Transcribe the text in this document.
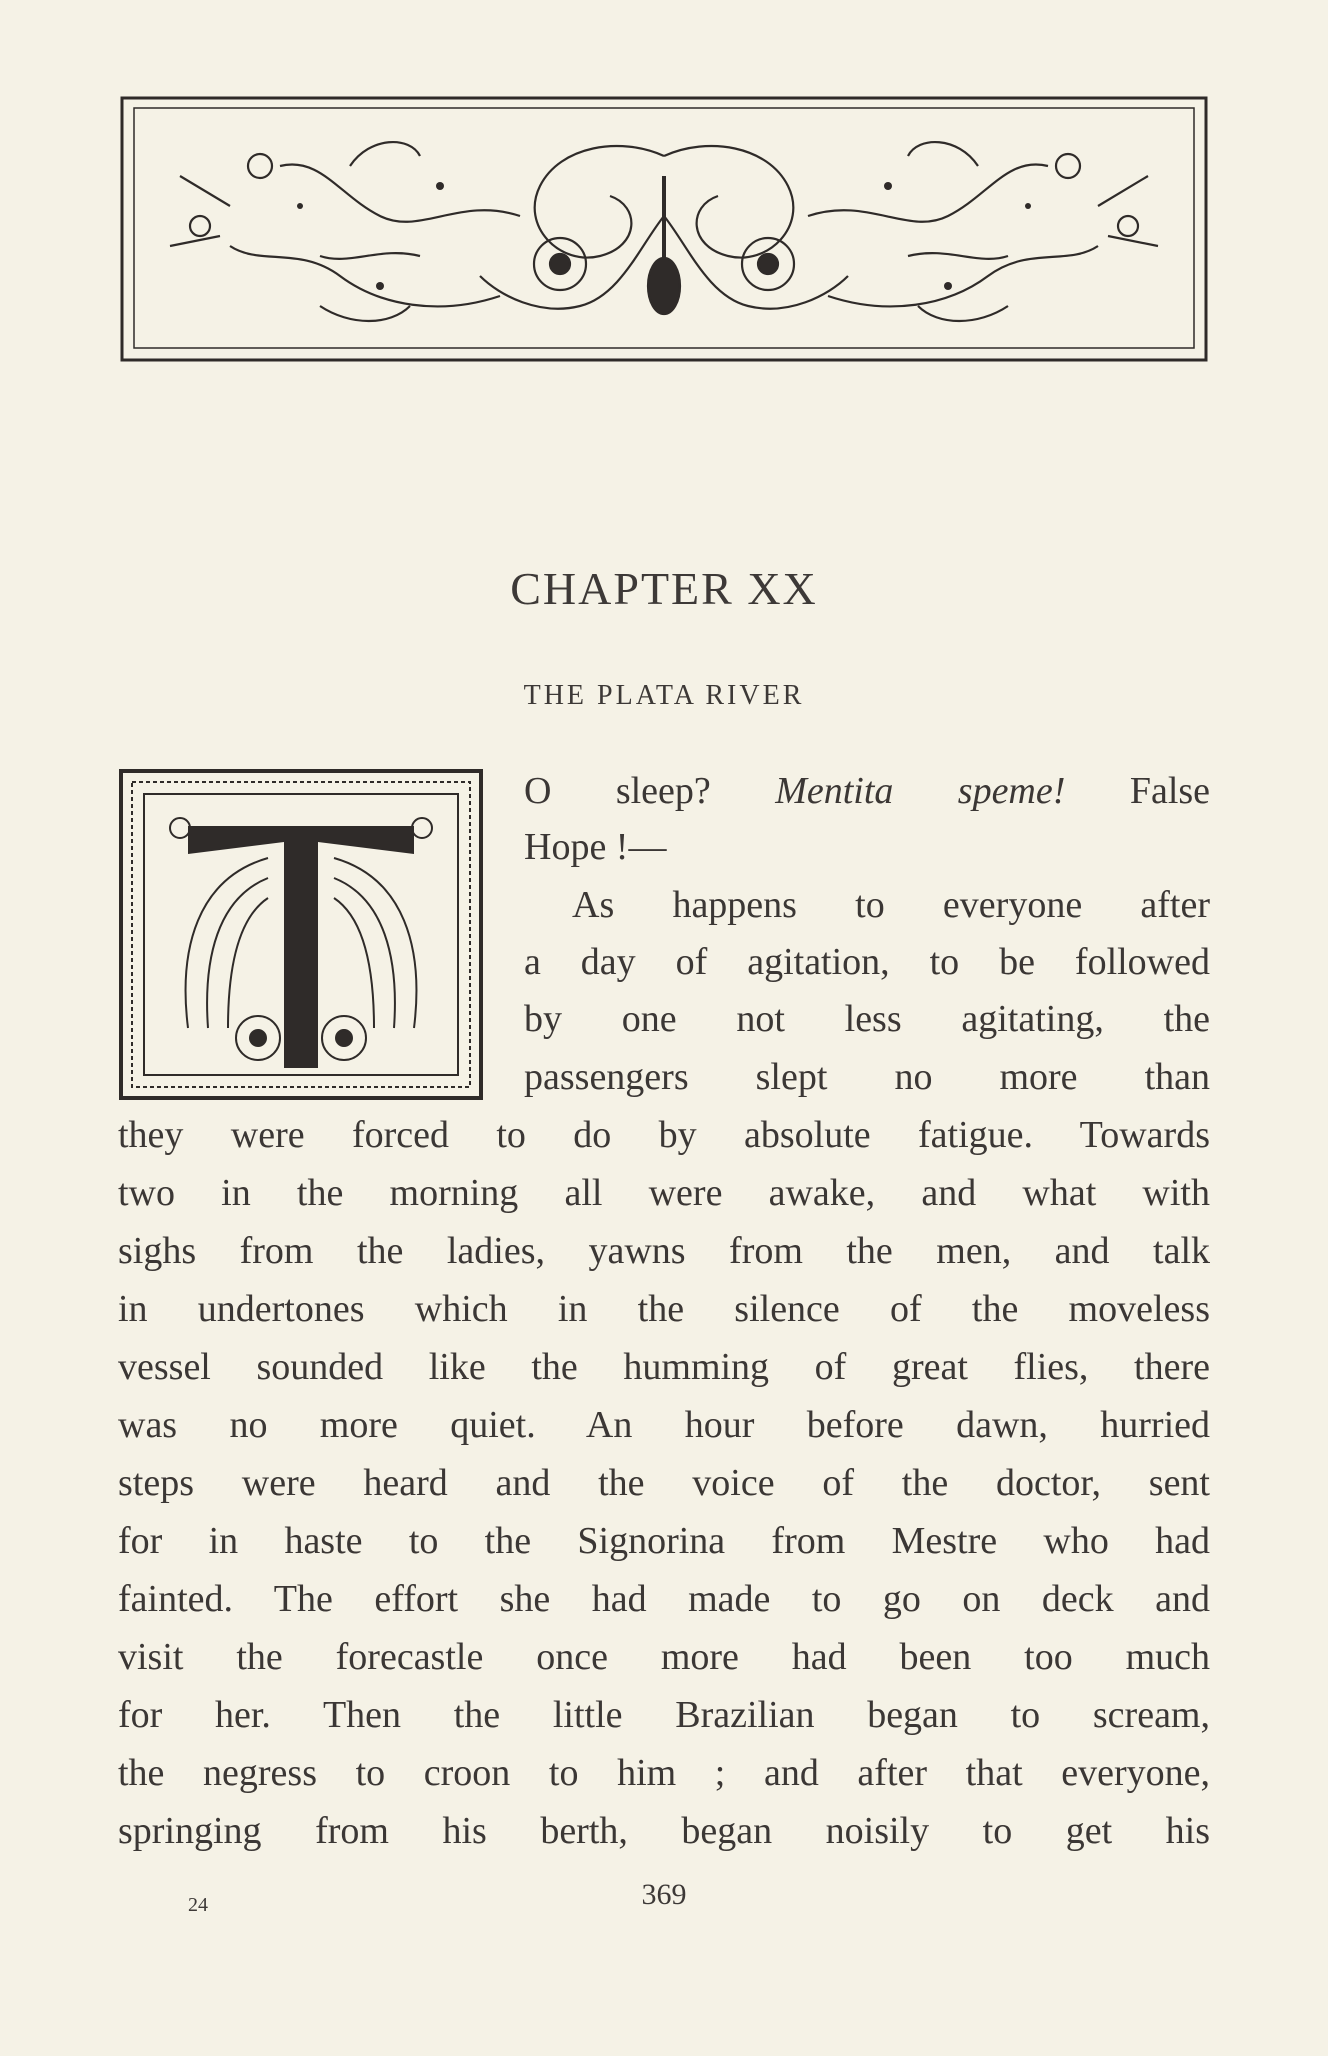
CHAPTER XX
THE PLATA RIVER
O sleep? Mentita speme! False
Hope !—
As happens to everyone after
a day of agitation, to be followed
by one not less agitating, the
passengers slept no more than
they were forced to do by absolute fatigue. Towards
two in the morning all were awake, and what with
sighs from the ladies, yawns from the men, and talk
in undertones which in the silence of the moveless
vessel sounded like the humming of great flies, there
was no more quiet. An hour before dawn, hurried
steps were heard and the voice of the doctor, sent
for in haste to the Signorina from Mestre who had
fainted. The effort she had made to go on deck and
visit the forecastle once more had been too much
for her. Then the little Brazilian began to scream,
the negress to croon to him ; and after that everyone,
springing from his berth, began noisily to get his
24	369
